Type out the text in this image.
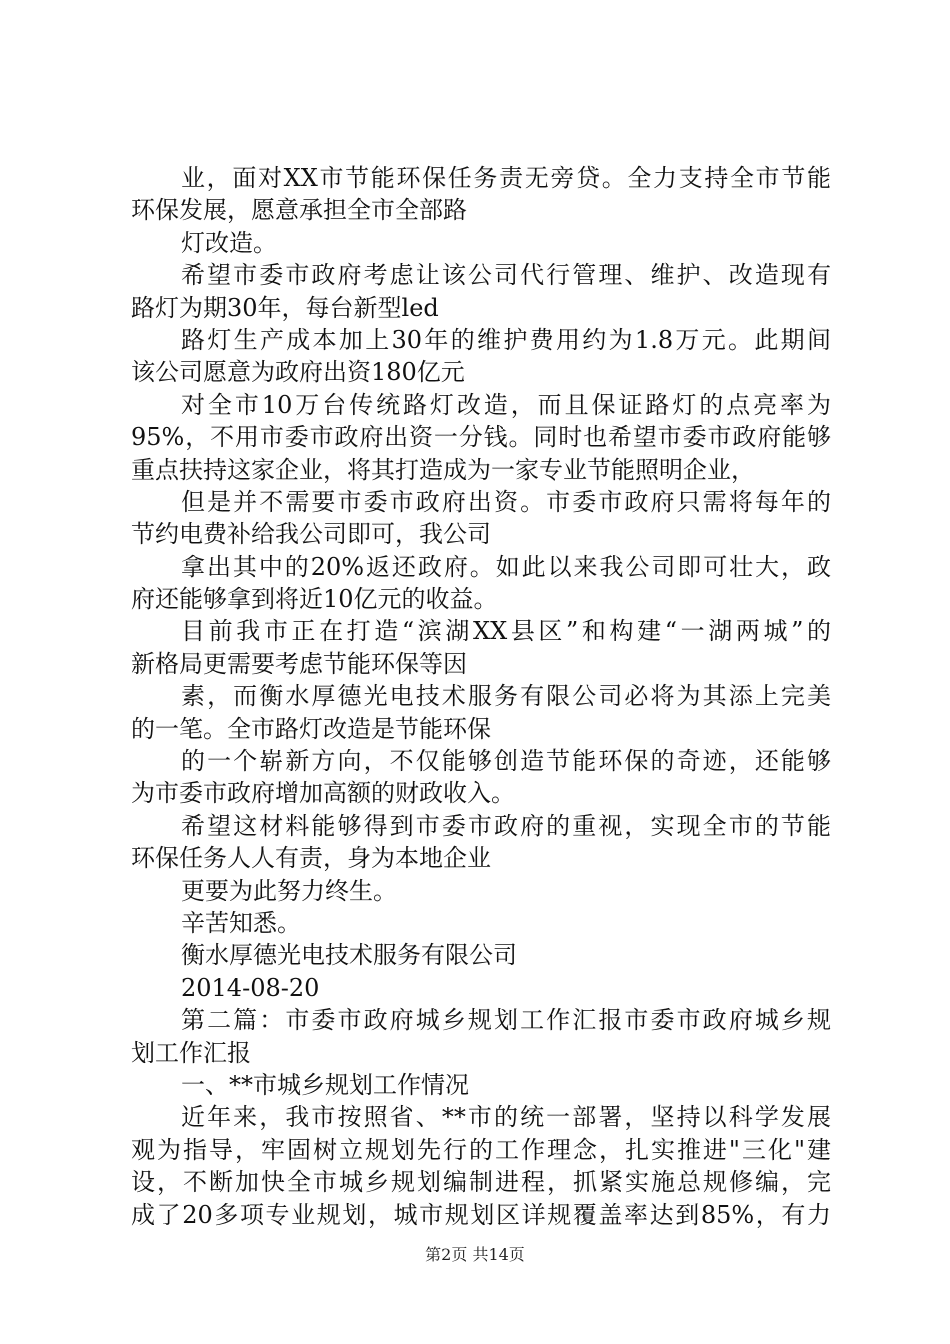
业，面对XX市节能环保任务责无旁贷。全力支持全市节能
环保发展，愿意承担全市全部路
灯改造。
希望市委市政府考虑让该公司代行管理、维护、改造现有
路灯为期30年，每台新型led
路灯生产成本加上30年的维护费用约为1.8万元。此期间
该公司愿意为政府出资180亿元
对全市10万台传统路灯改造，而且保证路灯的点亮率为
95%，不用市委市政府出资一分钱。同时也希望市委市政府能够
重点扶持这家企业，将其打造成为一家专业节能照明企业，
但是并不需要市委市政府出资。市委市政府只需将每年的
节约电费补给我公司即可，我公司
拿出其中的20%返还政府。如此以来我公司即可壮大，政
府还能够拿到将近10亿元的收益。
目前我市正在打造“滨湖XX县区”和构建“一湖两城”的
新格局更需要考虑节能环保等因
素，而衡水厚德光电技术服务有限公司必将为其添上完美
的一笔。全市路灯改造是节能环保
的一个崭新方向，不仅能够创造节能环保的奇迹，还能够
为市委市政府增加高额的财政收入。
希望这材料能够得到市委市政府的重视，实现全市的节能
环保任务人人有责，身为本地企业
更要为此努力终生。
辛苦知悉。
衡水厚德光电技术服务有限公司
2014-08-20
第二篇：市委市政府城乡规划工作汇报市委市政府城乡规
划工作汇报
一、**市城乡规划工作情况
近年来，我市按照省、**市的统一部署，坚持以科学发展
观为指导，牢固树立规划先行的工作理念，扎实推进"三化"建
设，不断加快全市城乡规划编制进程，抓紧实施总规修编，完
成了20多项专业规划，城市规划区详规覆盖率达到85%，有力
第2页 共14页
